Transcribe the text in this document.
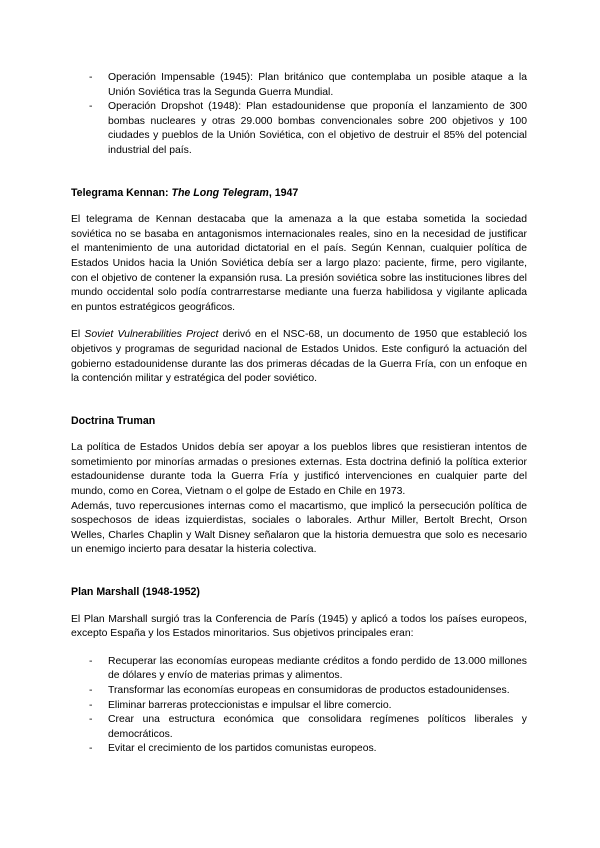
- Operación Impensable (1945): Plan británico que contemplaba un posible ataque a la Unión Soviética tras la Segunda Guerra Mundial.
- Operación Dropshot (1948): Plan estadounidense que proponía el lanzamiento de 300 bombas nucleares y otras 29.000 bombas convencionales sobre 200 objetivos y 100 ciudades y pueblos de la Unión Soviética, con el objetivo de destruir el 85% del potencial industrial del país.
Telegrama Kennan: The Long Telegram, 1947

El telegrama de Kennan destacaba que la amenaza a la que estaba sometida la sociedad soviética no se basaba en antagonismos internacionales reales, sino en la necesidad de justificar el mantenimiento de una autoridad dictatorial en el país. Según Kennan, cualquier política de Estados Unidos hacia la Unión Soviética debía ser a largo plazo: paciente, firme, pero vigilante, con el objetivo de contener la expansión rusa. La presión soviética sobre las instituciones libres del mundo occidental solo podía contrarrestarse mediante una fuerza habilidosa y vigilante aplicada en puntos estratégicos geográficos.

El Soviet Vulnerabilities Project derivó en el NSC-68, un documento de 1950 que estableció los objetivos y programas de seguridad nacional de Estados Unidos. Este configuró la actuación del gobierno estadounidense durante las dos primeras décadas de la Guerra Fría, con un enfoque en la contención militar y estratégica del poder soviético.

Doctrina Truman

La política de Estados Unidos debía ser apoyar a los pueblos libres que resistieran intentos de sometimiento por minorías armadas o presiones externas. Esta doctrina definió la política exterior estadounidense durante toda la Guerra Fría y justificó intervenciones en cualquier parte del mundo, como en Corea, Vietnam o el golpe de Estado en Chile en 1973.

Además, tuvo repercusiones internas como el macartismo, que implicó la persecución política de sospechosos de ideas izquierdistas, sociales o laborales. Arthur Miller, Bertolt Brecht, Orson Welles, Charles Chaplin y Walt Disney señalaron que la historia demuestra que solo es necesario un enemigo incierto para desatar la histeria colectiva.

Plan Marshall (1948-1952)

El Plan Marshall surgió tras la Conferencia de París (1945) y aplicó a todos los países europeos, excepto España y los Estados minoritarios. Sus objetivos principales eran:

- Recuperar las economías europeas mediante créditos a fondo perdido de 13.000 millones de dólares y envío de materias primas y alimentos.
- Transformar las economías europeas en consumidoras de productos estadounidenses.
- Eliminar barreras proteccionistas e impulsar el libre comercio.
- Crear una estructura económica que consolidara regímenes políticos liberales y democráticos.
- Evitar el crecimiento de los partidos comunistas europeos.
